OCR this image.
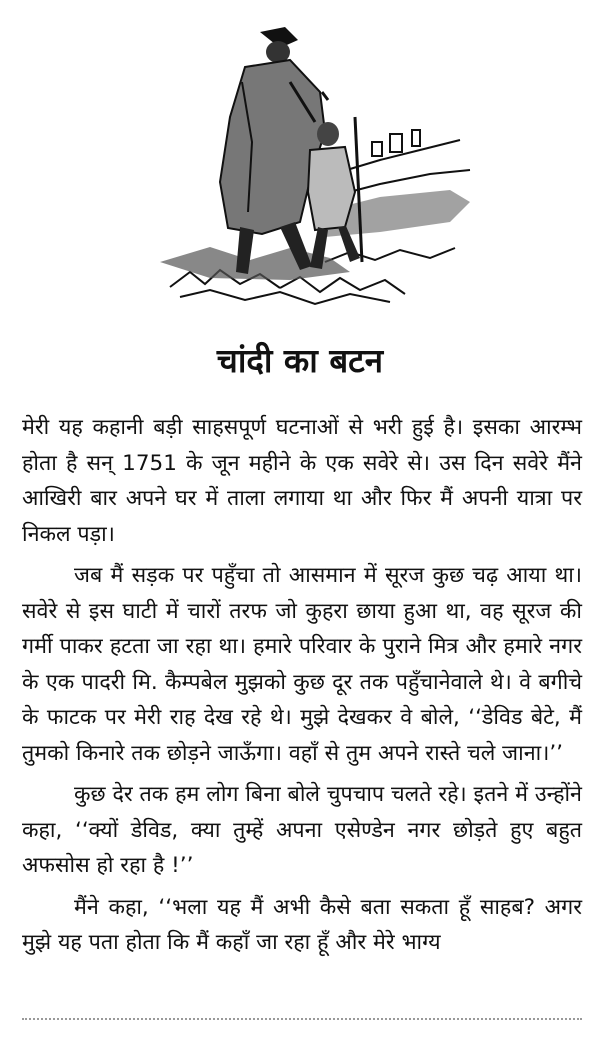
चांदी का बटन

मेरी यह कहानी बड़ी साहसपूर्ण घटनाओं से भरी हुई है। इसका आरम्भ होता है सन् 1751 के जून महीने के एक सवेरे से। उस दिन सवेरे मैंने आखिरी बार अपने घर में ताला लगाया था और फिर मैं अपनी यात्रा पर निकल पड़ा।

जब मैं सड़क पर पहुँचा तो आसमान में सूरज कुछ चढ़ आया था। सवेरे से इस घाटी में चारों तरफ जो कुहरा छाया हुआ था, वह सूरज की गर्मी पाकर हटता जा रहा था। हमारे परिवार के पुराने मित्र और हमारे नगर के एक पादरी मि. कैम्पबेल मुझको कुछ दूर तक पहुँचानेवाले थे। वे बगीचे के फाटक पर मेरी राह देख रहे थे। मुझे देखकर वे बोले, ‘‘डेविड बेटे, मैं तुमको किनारे तक छोड़ने जाऊँगा। वहाँ से तुम अपने रास्ते चले जाना।’’

कुछ देर तक हम लोग बिना बोले चुपचाप चलते रहे। इतने में उन्होंने कहा, ‘‘क्यों डेविड, क्या तुम्हें अपना एसेण्डेन नगर छोड़ते हुए बहुत अफसोस हो रहा है !’’

मैंने कहा, ‘‘भला यह मैं अभी कैसे बता सकता हूँ साहब? अगर मुझे यह पता होता कि मैं कहाँ जा रहा हूँ और मेरे भाग्य
